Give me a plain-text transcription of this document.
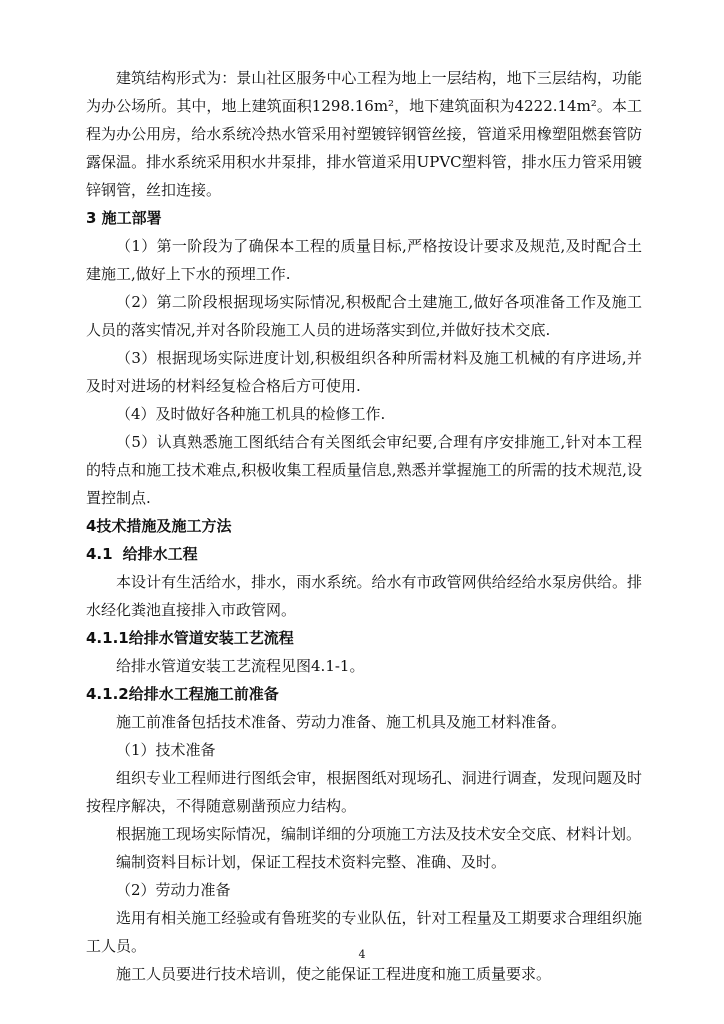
建筑结构形式为：景山社区服务中心工程为地上一层结构，地下三层结构，功能为办公场所。其中，地上建筑面积1298.16m²，地下建筑面积为4222.14m²。本工程为办公用房，给水系统冷热水管采用衬塑镀锌钢管丝接，管道采用橡塑阻燃套管防露保温。排水系统采用积水井泵排，排水管道采用UPVC塑料管，排水压力管采用镀锌钢管，丝扣连接。

3 施工部署

（1）第一阶段为了确保本工程的质量目标,严格按设计要求及规范,及时配合土建施工,做好上下水的预埋工作.

（2）第二阶段根据现场实际情况,积极配合土建施工,做好各项准备工作及施工人员的落实情况,并对各阶段施工人员的进场落实到位,并做好技术交底.

（3）根据现场实际进度计划,积极组织各种所需材料及施工机械的有序进场,并及时对进场的材料经复检合格后方可使用.

（4）及时做好各种施工机具的检修工作.

（5）认真熟悉施工图纸结合有关图纸会审纪要,合理有序安排施工,针对本工程的特点和施工技术难点,积极收集工程质量信息,熟悉并掌握施工的所需的技术规范,设置控制点.

4技术措施及施工方法
4.1 给排水工程

本设计有生活给水，排水，雨水系统。给水有市政管网供给经给水泵房供给。排水经化粪池直接排入市政管网。

4.1.1给排水管道安装工艺流程

给排水管道安装工艺流程见图4.1-1。

4.1.2给排水工程施工前准备

施工前准备包括技术准备、劳动力准备、施工机具及施工材料准备。

（1）技术准备

组织专业工程师进行图纸会审，根据图纸对现场孔、洞进行调查，发现问题及时按程序解决，不得随意剔凿预应力结构。

根据施工现场实际情况，编制详细的分项施工方法及技术安全交底、材料计划。

编制资料目标计划，保证工程技术资料完整、准确、及时。

（2）劳动力准备

选用有相关施工经验或有鲁班奖的专业队伍，针对工程量及工期要求合理组织施工人员。

施工人员要进行技术培训，使之能保证工程进度和施工质量要求。

4
